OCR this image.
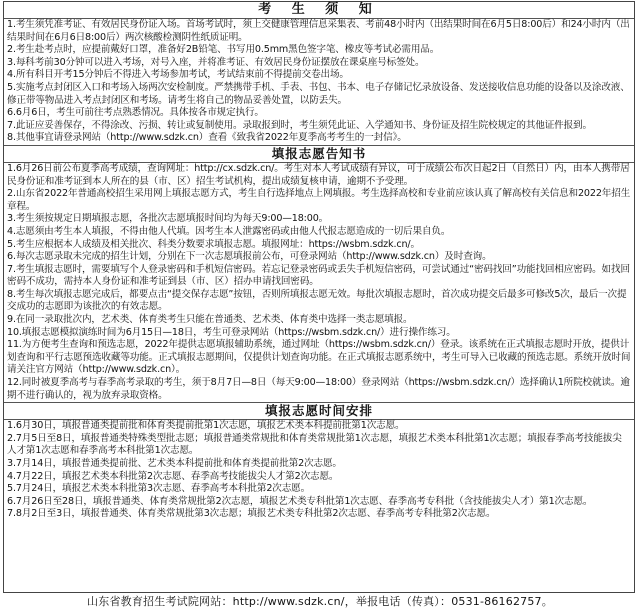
考 生 须 知

1.考生须凭准考证、有效居民身份证入场。首场考试时，须上交健康管理信息采集表、考前48小时内（出结果时间在6月5日8:00后）和24小时内（出结果时间在6月6日8:00后）两次核酸检测阴性纸质证明。

2.考生赴考点时，应提前戴好口罩，准备好2B铅笔、书写用0.5mm黑色签字笔、橡皮等考试必需用品。

3.每科考前30分钟可以进入考场，对号入座，并将准考证、有效居民身份证摆放在课桌座号标签处。

4.所有科目开考15分钟后不得进入考场参加考试，考试结束前不得提前交卷出场。

5.实施考点封闭区入口和考场入场两次安检制度。严禁携带手机、手表、书包、书本、电子存储记忆录放设备、发送接收信息功能的设备以及涂改液、修正带等物品进入考点封闭区和考场。请考生将自己的物品妥善处置，以防丢失。

6.6月6日，考生可前往考点熟悉情况。具体按各市规定执行。

7.此证应妥善保存，不得涂改、污损、转让或复制使用。录取报到时，考生须凭此证、入学通知书、身份证及招生院校规定的其他证件报到。

8.其他事宜请登录网站（http://www.sdzk.cn）查看《致我省2022年夏季高考考生的一封信》。

填报志愿告知书

1.6月26日前公布夏季高考成绩，查询网址：http://cx.sdzk.cn/。考生对本人考试成绩有异议，可于成绩公布次日起2日（自然日）内，由本人携带居民身份证和准考证到本人所在的县（市、区）招生考试机构，提出成绩复核申请，逾期不予受理。

2.山东省2022年普通高校招生采用网上填报志愿方式，考生自行选择地点上网填报。考生选择高校和专业前应该认真了解高校有关信息和2022年招生章程。

3.考生须按规定日期填报志愿，各批次志愿填报时间均为每天9:00—18:00。

4.志愿须由考生本人填报，不得由他人代填。因考生本人泄露密码或由他人代报志愿造成的一切后果自负。

5.考生应根据本人成绩及相关批次、科类分数要求填报志愿。填报网址：https://wsbm.sdzk.cn/。

6.每次志愿录取未完成的招生计划，分别在下一次志愿填报前公布，可登录网站（http://www.sdzk.cn）及时查询。

7.考生填报志愿时，需要填写个人登录密码和手机短信密码。若忘记登录密码或丢失手机短信密码，可尝试通过“密码找回”功能找回相应密码。如找回密码不成功，需持本人身份证和准考证到县（市、区）招办申请找回密码。

8.考生每次填报志愿完成后，都要点击“提交保存志愿”按钮，否则所填报志愿无效。每批次填报志愿时，首次成功提交后最多可修改5次，最后一次提交成功的志愿即为该批次的有效志愿。

9.在同一录取批次内，艺术类、体育类考生只能在普通类、艺术类、体育类中选择一类志愿填报。

10.填报志愿模拟演练时间为6月15日—18日，考生可登录网站（https://wsbm.sdzk.cn/）进行操作练习。

11.为方便考生查询和预选志愿，2022年提供志愿填报辅助系统，通过网址（https://wsbm.sdzk.cn/）登录。该系统在正式填报志愿时开放，提供计划查询和平行志愿预选收藏等功能。正式填报志愿期间，仅提供计划查询功能。在正式填报志愿系统中，考生可导入已收藏的预选志愿。系统开放时间请关注官方网站（http://www.sdzk.cn）。

12.同时被夏季高考与春季高考录取的考生，须于8月7日—8日（每天9:00—18:00）登录网站（https://wsbm.sdzk.cn/）选择确认1所院校就读。逾期不进行确认的，视为放弃录取资格。

填报志愿时间安排

1.6月30日，填报普通类提前批和体育类提前批第1次志愿，填报艺术类本科提前批第1次志愿。

2.7月5日至8日，填报普通类特殊类型批志愿；填报普通类常规批和体育类常规批第1次志愿，填报艺术类本科批第1次志愿；填报春季高考技能拔尖人才第1次志愿和春季高考本科批第1次志愿。

3.7月14日，填报普通类提前批、艺术类本科提前批和体育类提前批第2次志愿。

4.7月22日，填报艺术类本科批第2次志愿、春季高考技能拔尖人才第2次志愿。

5.7月24日，填报艺术类本科批第3次志愿、春季高考本科批第2次志愿。

6.7月26日至28日，填报普通类、体育类常规批第2次志愿，填报艺术类专科批第1次志愿、春季高考专科批（含技能拔尖人才）第1次志愿。

7.8月2日至3日，填报普通类、体育类常规批第3次志愿；填报艺术类专科批第2次志愿、春季高考专科批第2次志愿。

山东省教育招生考试院网站：http://www.sdzk.cn/，举报电话（传真）：0531-86162757。
